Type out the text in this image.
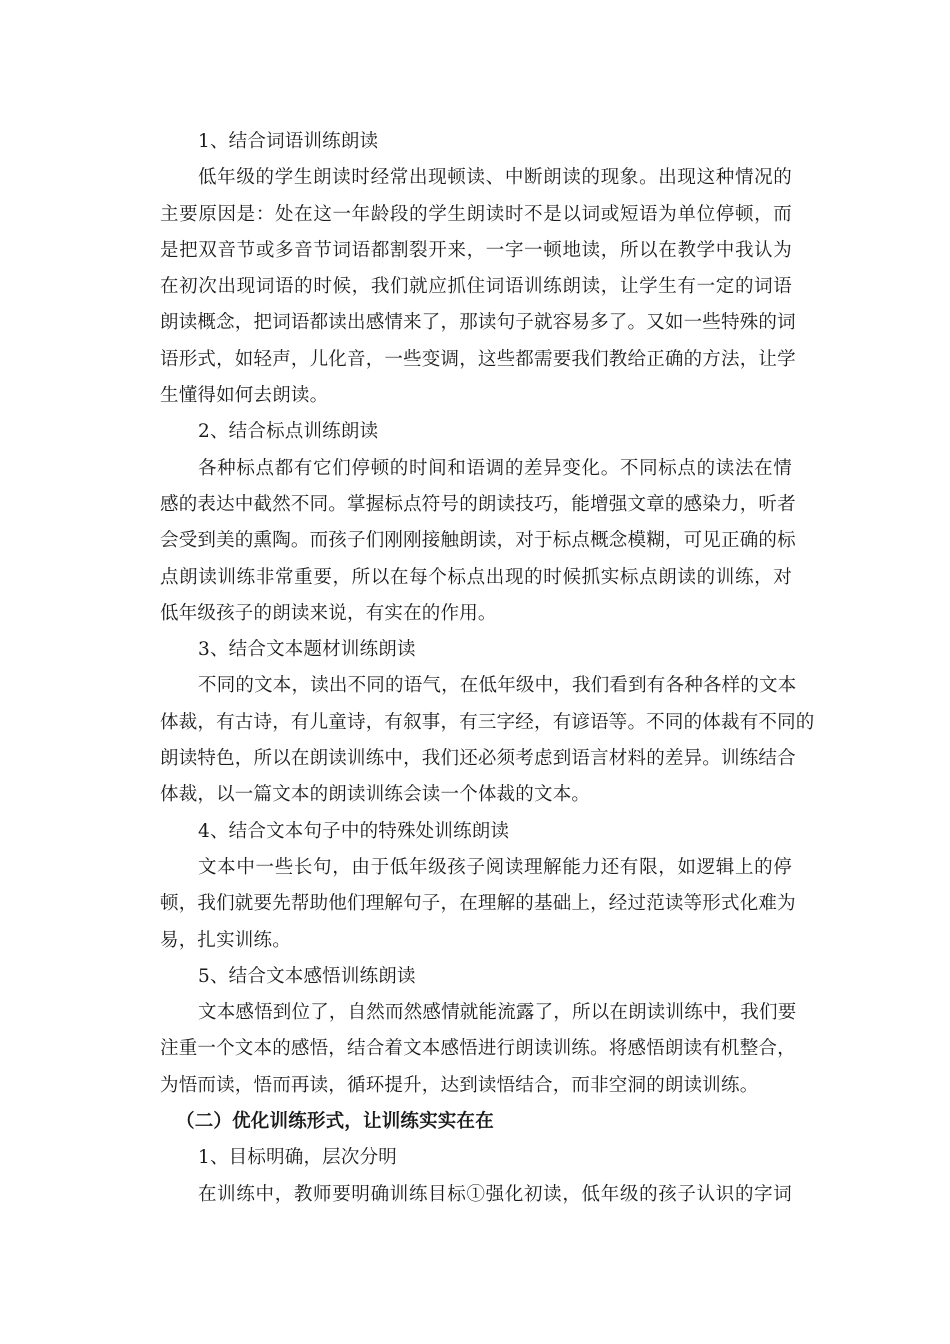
1、结合词语训练朗读
低年级的学生朗读时经常出现顿读、中断朗读的现象。出现这种情况的
主要原因是：处在这一年龄段的学生朗读时不是以词或短语为单位停顿，而
是把双音节或多音节词语都割裂开来，一字一顿地读，所以在教学中我认为
在初次出现词语的时候，我们就应抓住词语训练朗读，让学生有一定的词语
朗读概念，把词语都读出感情来了，那读句子就容易多了。又如一些特殊的词
语形式，如轻声，儿化音，一些变调，这些都需要我们教给正确的方法，让学
生懂得如何去朗读。
2、结合标点训练朗读
各种标点都有它们停顿的时间和语调的差异变化。不同标点的读法在情
感的表达中截然不同。掌握标点符号的朗读技巧，能增强文章的感染力，听者
会受到美的熏陶。而孩子们刚刚接触朗读，对于标点概念模糊，可见正确的标
点朗读训练非常重要，所以在每个标点出现的时候抓实标点朗读的训练，对
低年级孩子的朗读来说，有实在的作用。
3、结合文本题材训练朗读
不同的文本，读出不同的语气，在低年级中，我们看到有各种各样的文本
体裁，有古诗，有儿童诗，有叙事，有三字经，有谚语等。不同的体裁有不同的
朗读特色，所以在朗读训练中，我们还必须考虑到语言材料的差异。训练结合
体裁，以一篇文本的朗读训练会读一个体裁的文本。
4、结合文本句子中的特殊处训练朗读
文本中一些长句，由于低年级孩子阅读理解能力还有限，如逻辑上的停
顿，我们就要先帮助他们理解句子，在理解的基础上，经过范读等形式化难为
易，扎实训练。
5、结合文本感悟训练朗读
文本感悟到位了，自然而然感情就能流露了，所以在朗读训练中，我们要
注重一个文本的感悟，结合着文本感悟进行朗读训练。将感悟朗读有机整合，
为悟而读，悟而再读，循环提升，达到读悟结合，而非空洞的朗读训练。
（二）优化训练形式，让训练实实在在
1、目标明确，层次分明
在训练中，教师要明确训练目标①强化初读，低年级的孩子认识的字词
